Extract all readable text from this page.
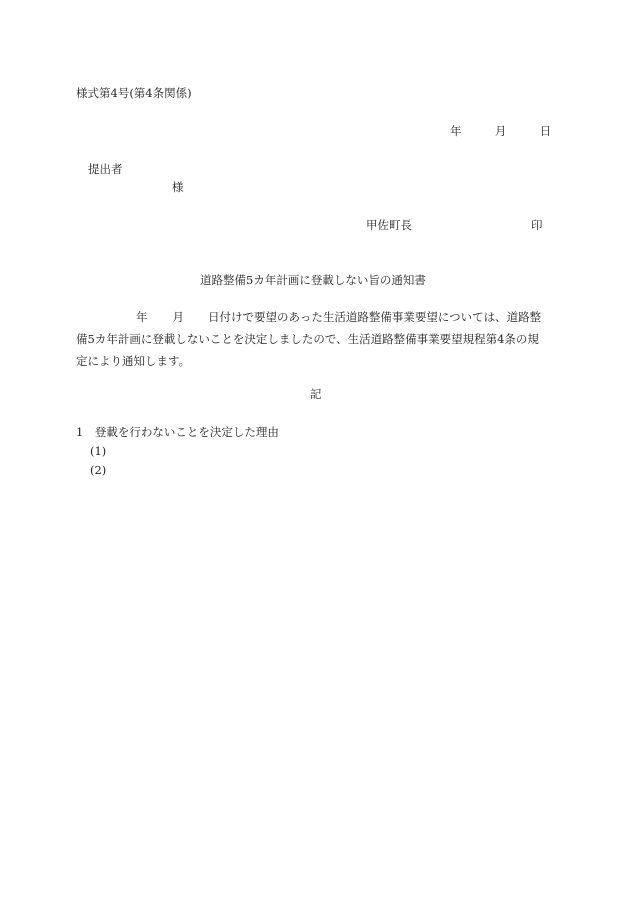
様式第4号(第4条関係)
年	月	日
提出者
様
甲佐町長	印
道路整備5カ年計画に登載しない旨の通知書
年 月 日付けで要望のあった生活道路整備事業要望については、道路整
備5カ年計画に登載しないことを決定しましたので、生活道路整備事業要望規程第4条の規
定により通知します。
記
1　登載を行わないことを決定した理由
(1)
(2)
